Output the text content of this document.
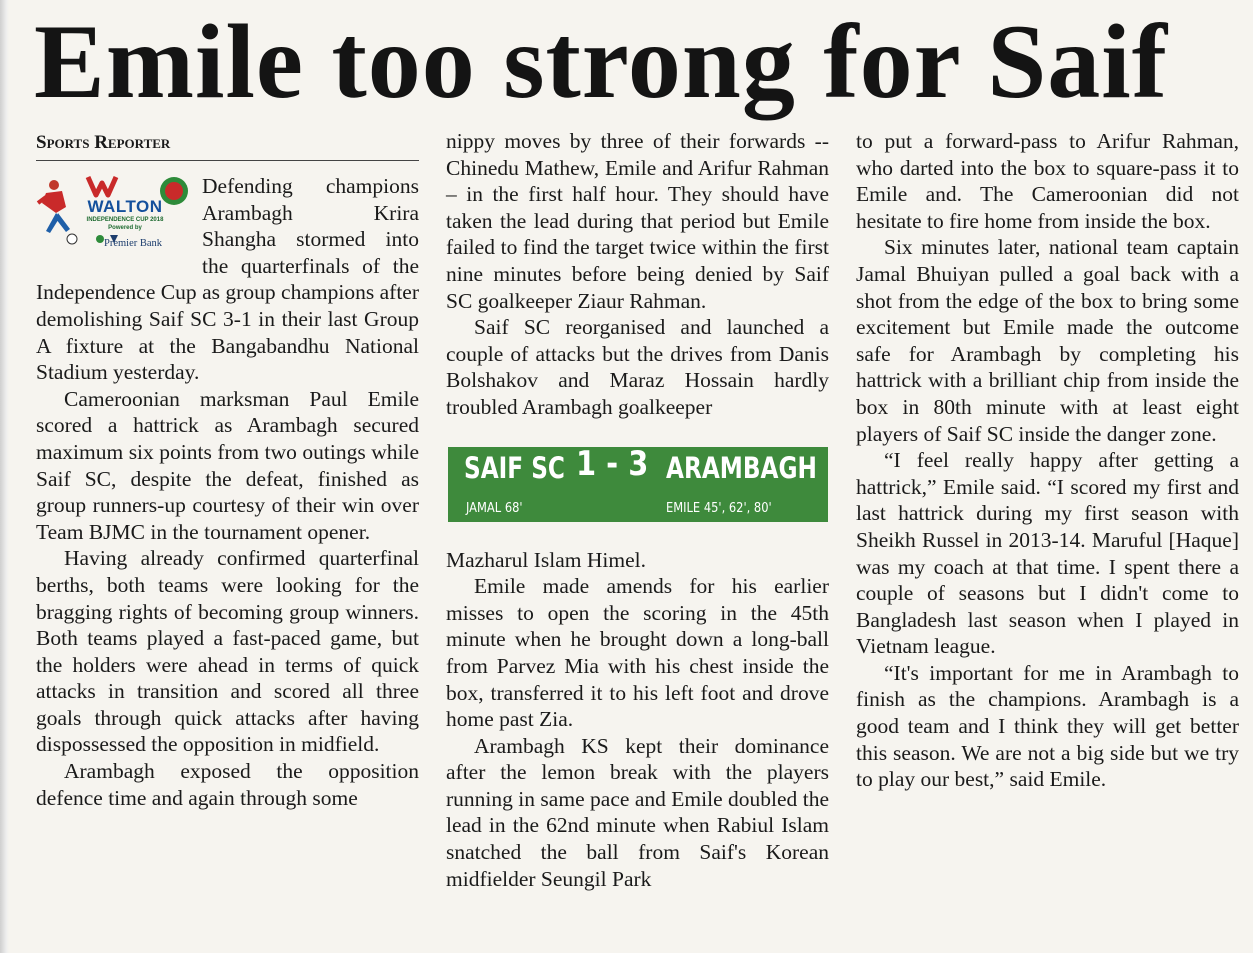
Emile too strong for Saif
Sports Reporter
WALTON
INDEPENDENCE CUP 2018
Powered by
Premier Bank

Defending champions Arambagh Krira Shangha stormed into the quarterfinals of the Independence Cup as group champions after demolishing Saif SC 3-1 in their last Group A fixture at the Bangabandhu National Stadium yesterday.

Cameroonian marksman Paul Emile scored a hattrick as Arambagh secured maximum six points from two outings while Saif SC, despite the defeat, finished as group runners-up courtesy of their win over Team BJMC in the tournament opener.

Having already confirmed quarterfinal berths, both teams were looking for the bragging rights of becoming group winners. Both teams played a fast-paced game, but the holders were ahead in terms of quick attacks in transition and scored all three goals through quick attacks after having dispossessed the opposition in midfield.

Arambagh exposed the opposition defence time and again through some

nippy moves by three of their forwards -- Chinedu Mathew, Emile and Arifur Rahman – in the first half hour. They should have taken the lead during that period but Emile failed to find the target twice within the first nine minutes before being denied by Saif SC goalkeeper Ziaur Rahman.

Saif SC reorganised and launched a couple of attacks but the drives from Danis Bolshakov and Maraz Hossain hardly troubled Arambagh goalkeeper

SAIF SC 1 - 3 ARAMBAGH
JAMAL 68'	EMILE 45', 62', 80'

Mazharul Islam Himel.

Emile made amends for his earlier misses to open the scoring in the 45th minute when he brought down a long-ball from Parvez Mia with his chest inside the box, transferred it to his left foot and drove home past Zia.

Arambagh KS kept their dominance after the lemon break with the players running in same pace and Emile doubled the lead in the 62nd minute when Rabiul Islam snatched the ball from Saif's Korean midfielder Seungil Park

to put a forward-pass to Arifur Rahman, who darted into the box to square-pass it to Emile and. The Cameroonian did not hesitate to fire home from inside the box.

Six minutes later, national team captain Jamal Bhuiyan pulled a goal back with a shot from the edge of the box to bring some excitement but Emile made the outcome safe for Arambagh by completing his hattrick with a brilliant chip from inside the box in 80th minute with at least eight players of Saif SC inside the danger zone.

“I feel really happy after getting a hattrick,” Emile said. “I scored my first and last hattrick during my first season with Sheikh Russel in 2013-14. Maruful [Haque] was my coach at that time. I spent there a couple of seasons but I didn't come to Bangladesh last season when I played in Vietnam league.

“It's important for me in Arambagh to finish as the champions. Arambagh is a good team and I think they will get better this season. We are not a big side but we try to play our best,” said Emile.
